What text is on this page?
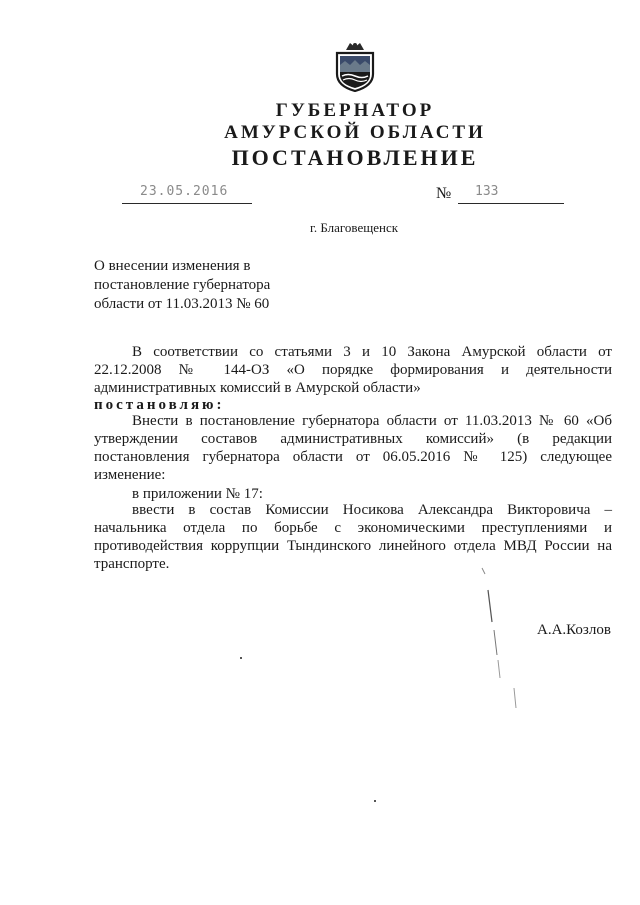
ГУБЕРНАТОР
АМУРСКОЙ ОБЛАСТИ
ПОСТАНОВЛЕНИЕ
23.05.2016	№ 133
г. Благовещенск
О внесении изменения в
постановление губернатора
области от 11.03.2013 № 60
В соответствии со статьями 3 и 10 Закона Амурской области от
22.12.2008 № 144-ОЗ «О порядке формирования и деятельности
административных комиссий в Амурской области»
постановляю:
Внести в постановление губернатора области от 11.03.2013 № 60 «Об
утверждении составов административных комиссий» (в редакции
постановления губернатора области от 06.05.2016 № 125) следующее
изменение:
в приложении № 17:
ввести в состав Комиссии Носикова Александра Викторовича –
начальника отдела по борьбе с экономическими преступлениями и
противодействия коррупции Тындинского линейного отдела МВД России на
транспорте.
А.А.Козлов
